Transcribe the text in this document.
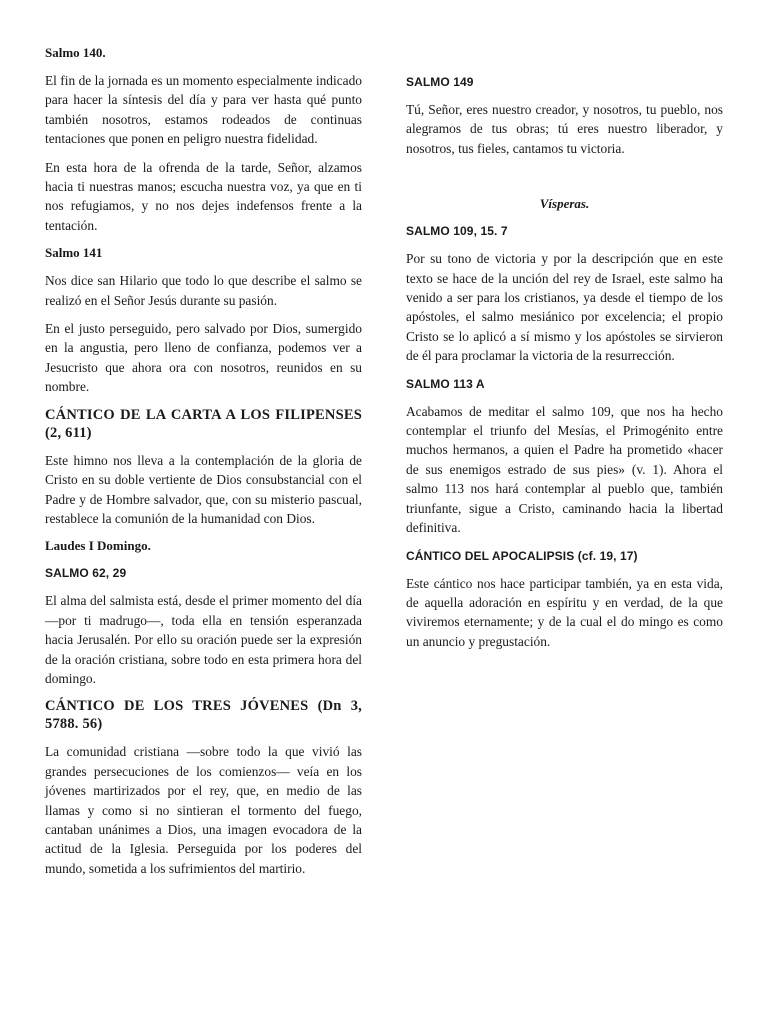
Salmo 140.
El fin de la jornada es un momento especialmente indicado para hacer la síntesis del día y para ver hasta qué punto también nosotros, estamos rodeados de continuas tentaciones que ponen en peligro nuestra fidelidad.
En esta hora de la ofrenda de la tarde, Señor, alzamos hacia ti nuestras manos; escucha nuestra voz, ya que en ti nos refugiamos, y no nos dejes indefensos frente a la tentación.
Salmo 141
Nos dice san Hilario que todo lo que describe el salmo se realizó en el Señor Jesús durante su pasión.
En el justo perseguido, pero salvado por Dios, sumergido en la angustia, pero lleno de confianza, podemos ver a Jesucristo que ahora ora con nosotros, reunidos en su nombre.
CÁNTICO DE LA CARTA A LOS FILIPENSES (2, 611)
Este himno nos lleva a la contemplación de la gloria de Cristo en su doble vertiente de Dios consubstancial con el Padre y de Hombre salvador, que, con su misterio pascual, restablece la comunión de la humanidad con Dios.
Laudes I Domingo.
SALMO 62, 29
El alma del salmista está, desde el primer momento del día —por ti madrugo—, toda ella en tensión esperanzada hacia Jerusalén. Por ello su oración puede ser la expresión de la oración cristiana, sobre todo en esta primera hora del domingo.
CÁNTICO DE LOS TRES JÓVENES (Dn 3, 5788. 56)
La comunidad cristiana —sobre todo la que vivió las grandes persecuciones de los comienzos— veía en los jóvenes martirizados por el rey, que, en medio de las llamas y como si no sintieran el tormento del fuego, cantaban unánimes a Dios, una imagen evocadora de la actitud de la Iglesia. Perseguida por los poderes del mundo, sometida a los sufrimientos del martirio.
SALMO 149
Tú, Señor, eres nuestro creador, y nosotros, tu pueblo, nos alegramos de tus obras; tú eres nuestro liberador, y nosotros, tus fieles, cantamos tu victoria.
Vísperas.
SALMO 109, 15. 7
Por su tono de victoria y por la descripción que en este texto se hace de la unción del rey de Israel, este salmo ha venido a ser para los cristianos, ya desde el tiempo de los apóstoles, el salmo mesiánico por excelencia; el propio Cristo se lo aplicó a sí mismo y los apóstoles se sirvieron de él para proclamar la victoria de la resurrección.
SALMO 113 A
Acabamos de meditar el salmo 109, que nos ha hecho contemplar el triunfo del Mesías, el Primogénito entre muchos hermanos, a quien el Padre ha prometido «hacer de sus enemigos estrado de sus pies» (v. 1). Ahora el salmo 113 nos hará contemplar al pueblo que, también triunfante, sigue a Cristo, caminando hacia la libertad definitiva.
CÁNTICO DEL APOCALIPSIS (cf. 19, 17)
Este cántico nos hace participar también, ya en esta vida, de aquella adoración en espíritu y en verdad, de la que viviremos eternamente; y de la cual el do mingo es como un anuncio y pregustación.
